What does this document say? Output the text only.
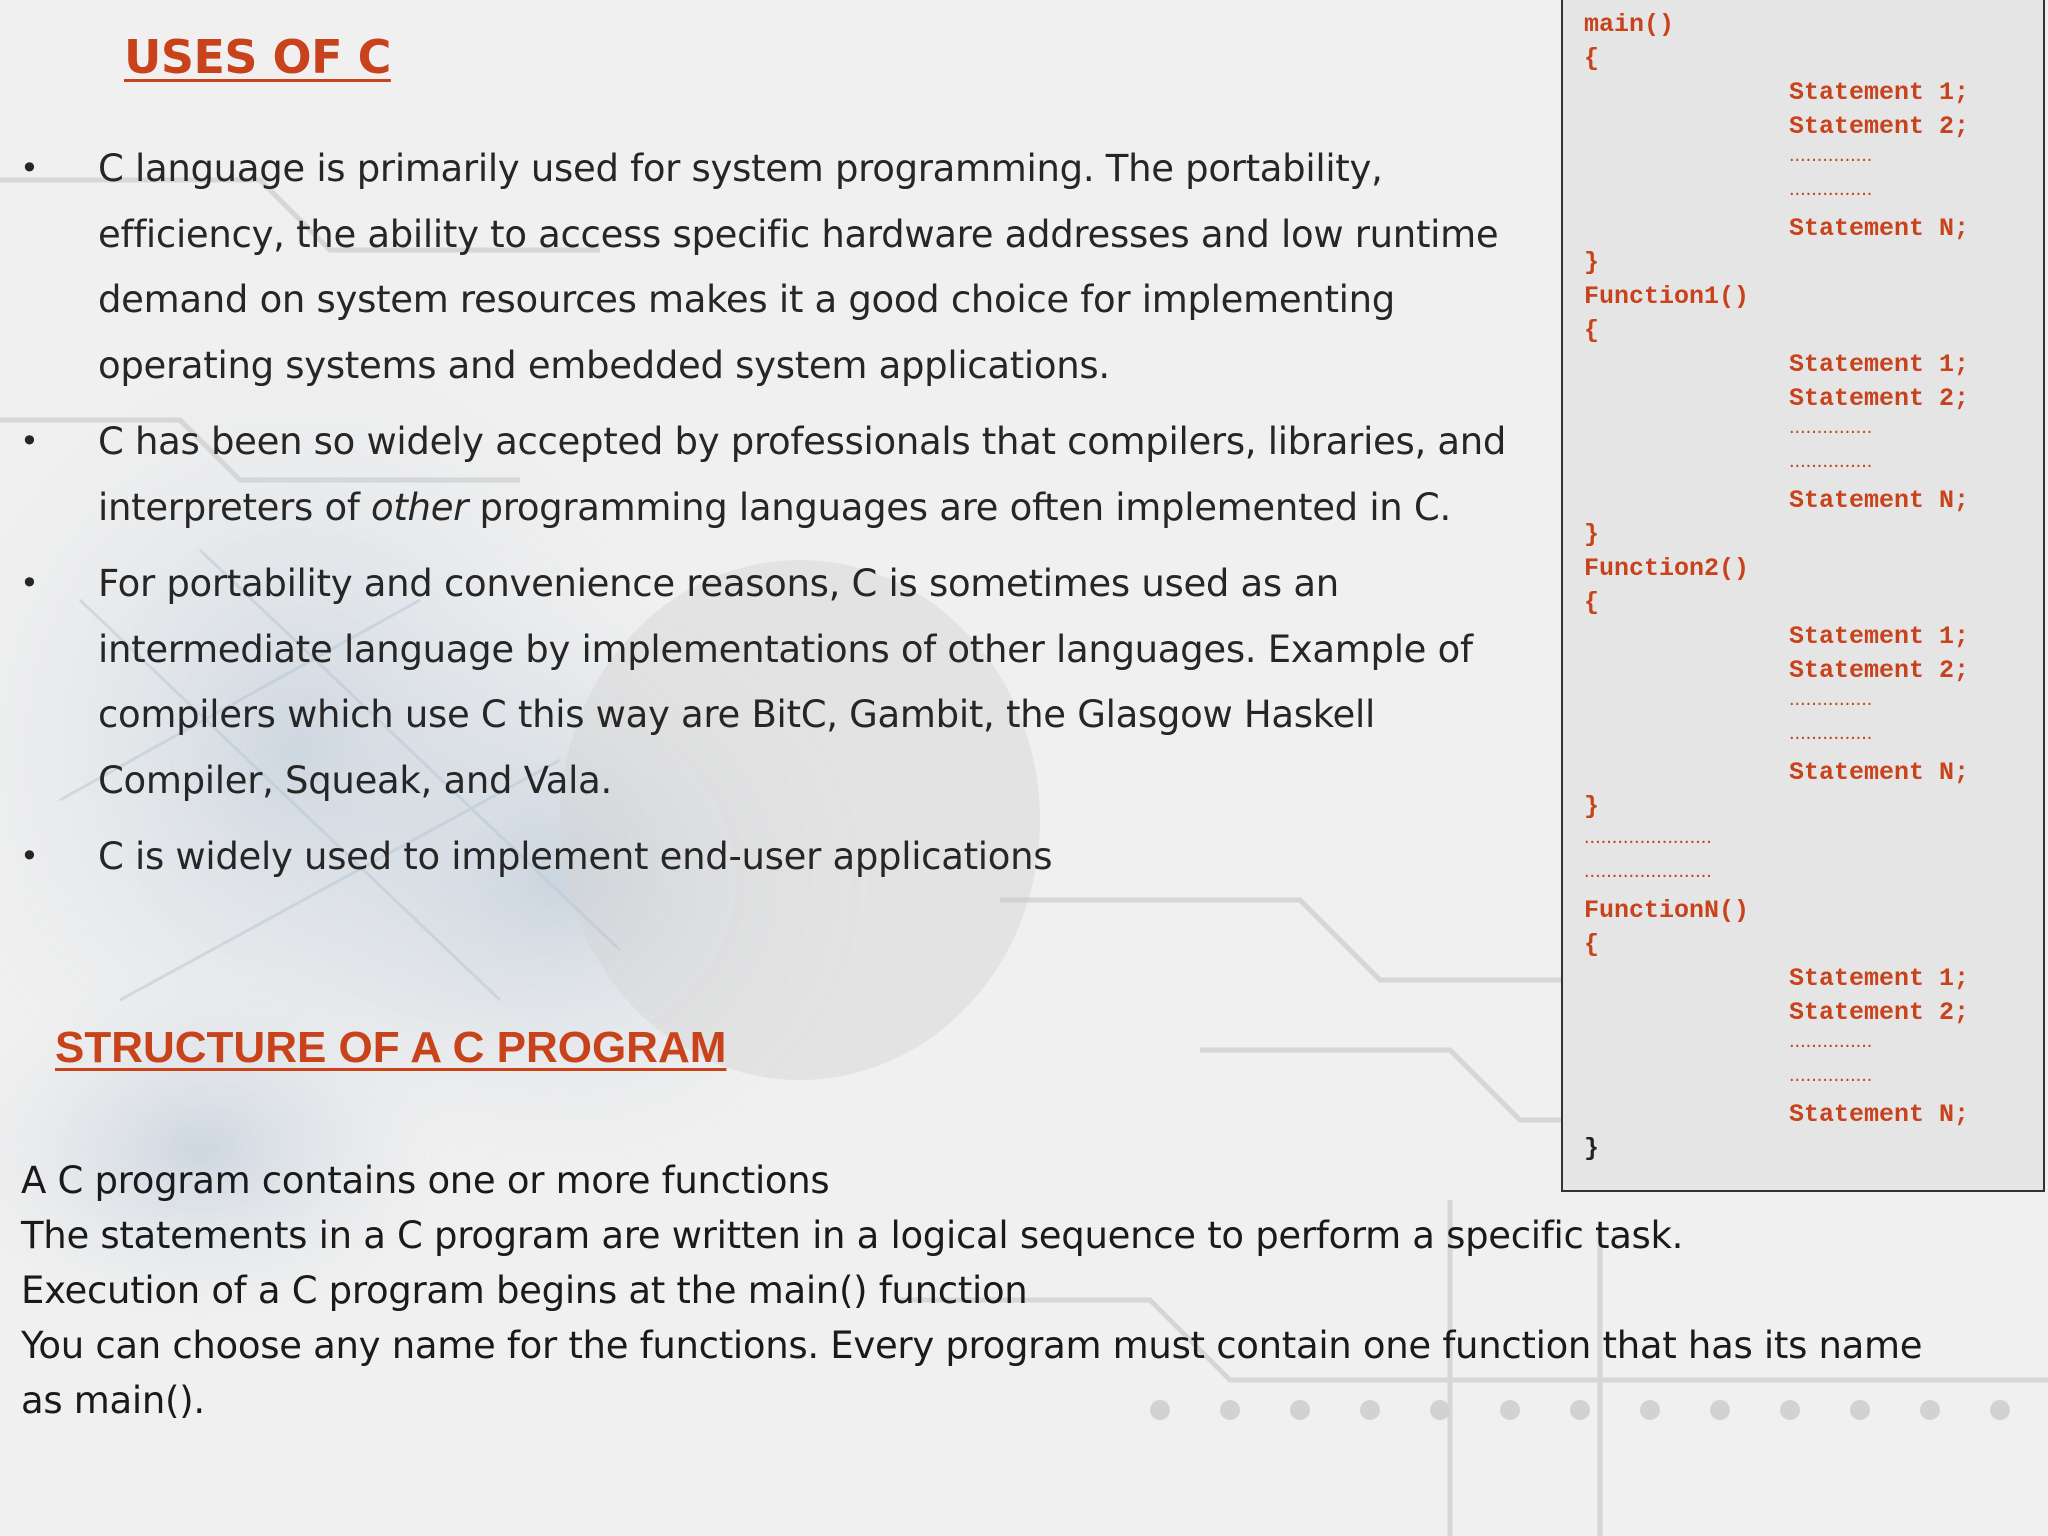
USES OF C
• C language is primarily used for system programming. The portability,
efficiency, the ability to access specific hardware addresses and low runtime
demand on system resources makes it a good choice for implementing
operating systems and embedded system applications.
• C has been so widely accepted by professionals that compilers, libraries, and
interpreters of other programming languages are often implemented in C.
• For portability and convenience reasons, C is sometimes used as an
intermediate language by implementations of other languages. Example of
compilers which use C this way are BitC, Gambit, the Glasgow Haskell
Compiler, Squeak, and Vala.
• C is widely used to implement end-user applications
STRUCTURE OF A C PROGRAM
A C program contains one or more functions
The statements in a C program are written in a logical sequence to perform a specific task.
Execution of a C program begins at the main() function
You can choose any name for the functions. Every program must contain one function that has its name
as main().
main()
{
Statement 1;
Statement 2;
...............
...............
Statement N;
}
Function1()
{
Statement 1;
Statement 2;
...............
...............
Statement N;
}
Function2()
{
Statement 1;
Statement 2;
...............
...............
Statement N;
}
.......................
.......................
FunctionN()
{
Statement 1;
Statement 2;
...............
...............
Statement N;
}
